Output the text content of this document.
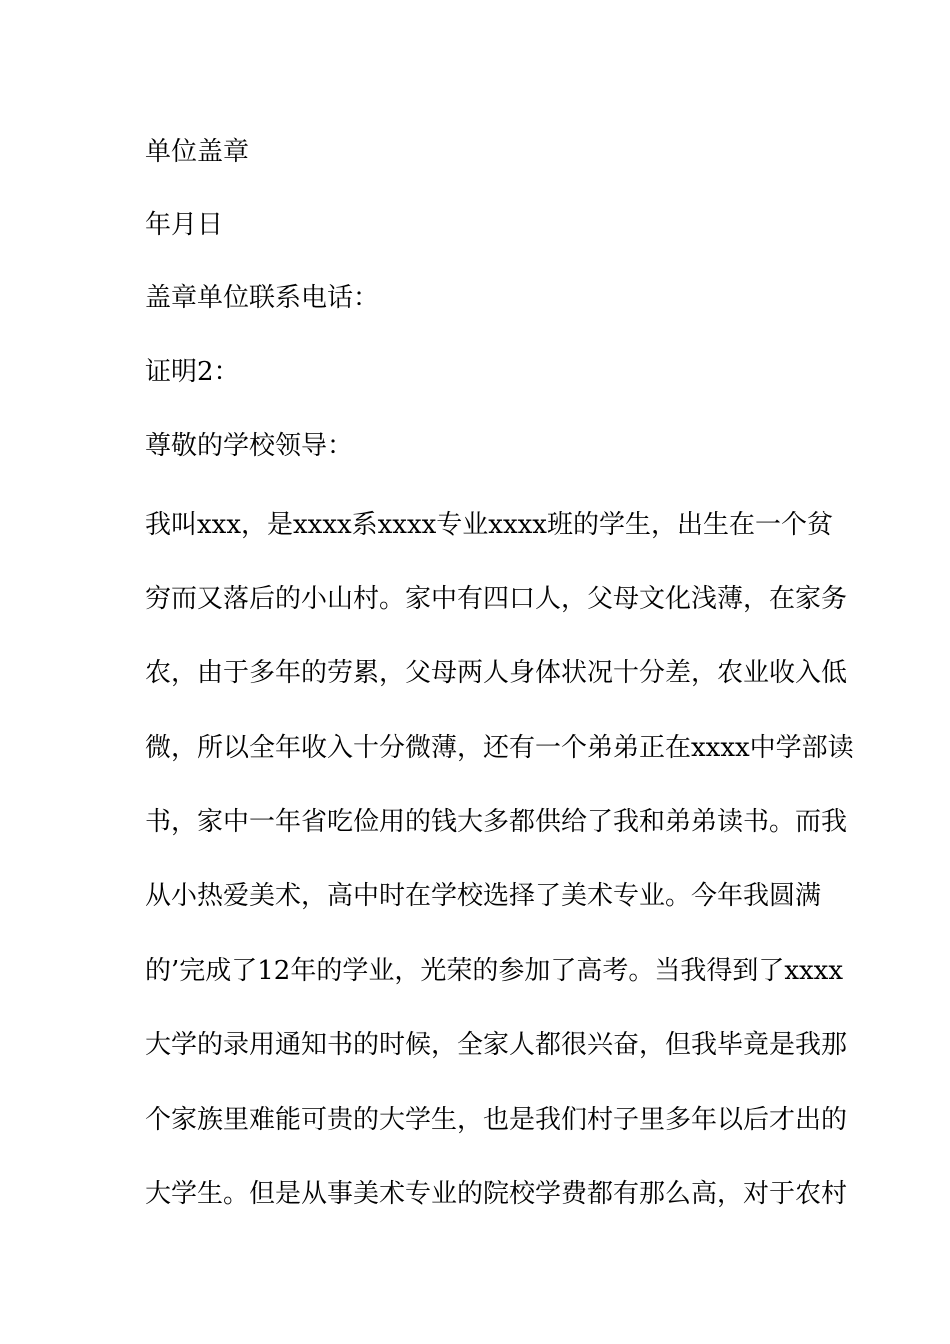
单位盖章
年月日
盖章单位联系电话：
证明2：
尊敬的学校领导：
我叫xxx，是xxxx系xxxx专业xxxx班的学生，出生在一个贫
穷而又落后的小山村。家中有四口人，父母文化浅薄，在家务
农，由于多年的劳累，父母两人身体状况十分差，农业收入低
微，所以全年收入十分微薄，还有一个弟弟正在xxxx中学部读
书，家中一年省吃俭用的钱大多都供给了我和弟弟读书。而我
从小热爱美术，高中时在学校选择了美术专业。今年我圆满
的’完成了12年的学业，光荣的参加了高考。当我得到了xxxx
大学的录用通知书的时候，全家人都很兴奋，但我毕竟是我那
个家族里难能可贵的大学生，也是我们村子里多年以后才出的
大学生。但是从事美术专业的院校学费都有那么高，对于农村
